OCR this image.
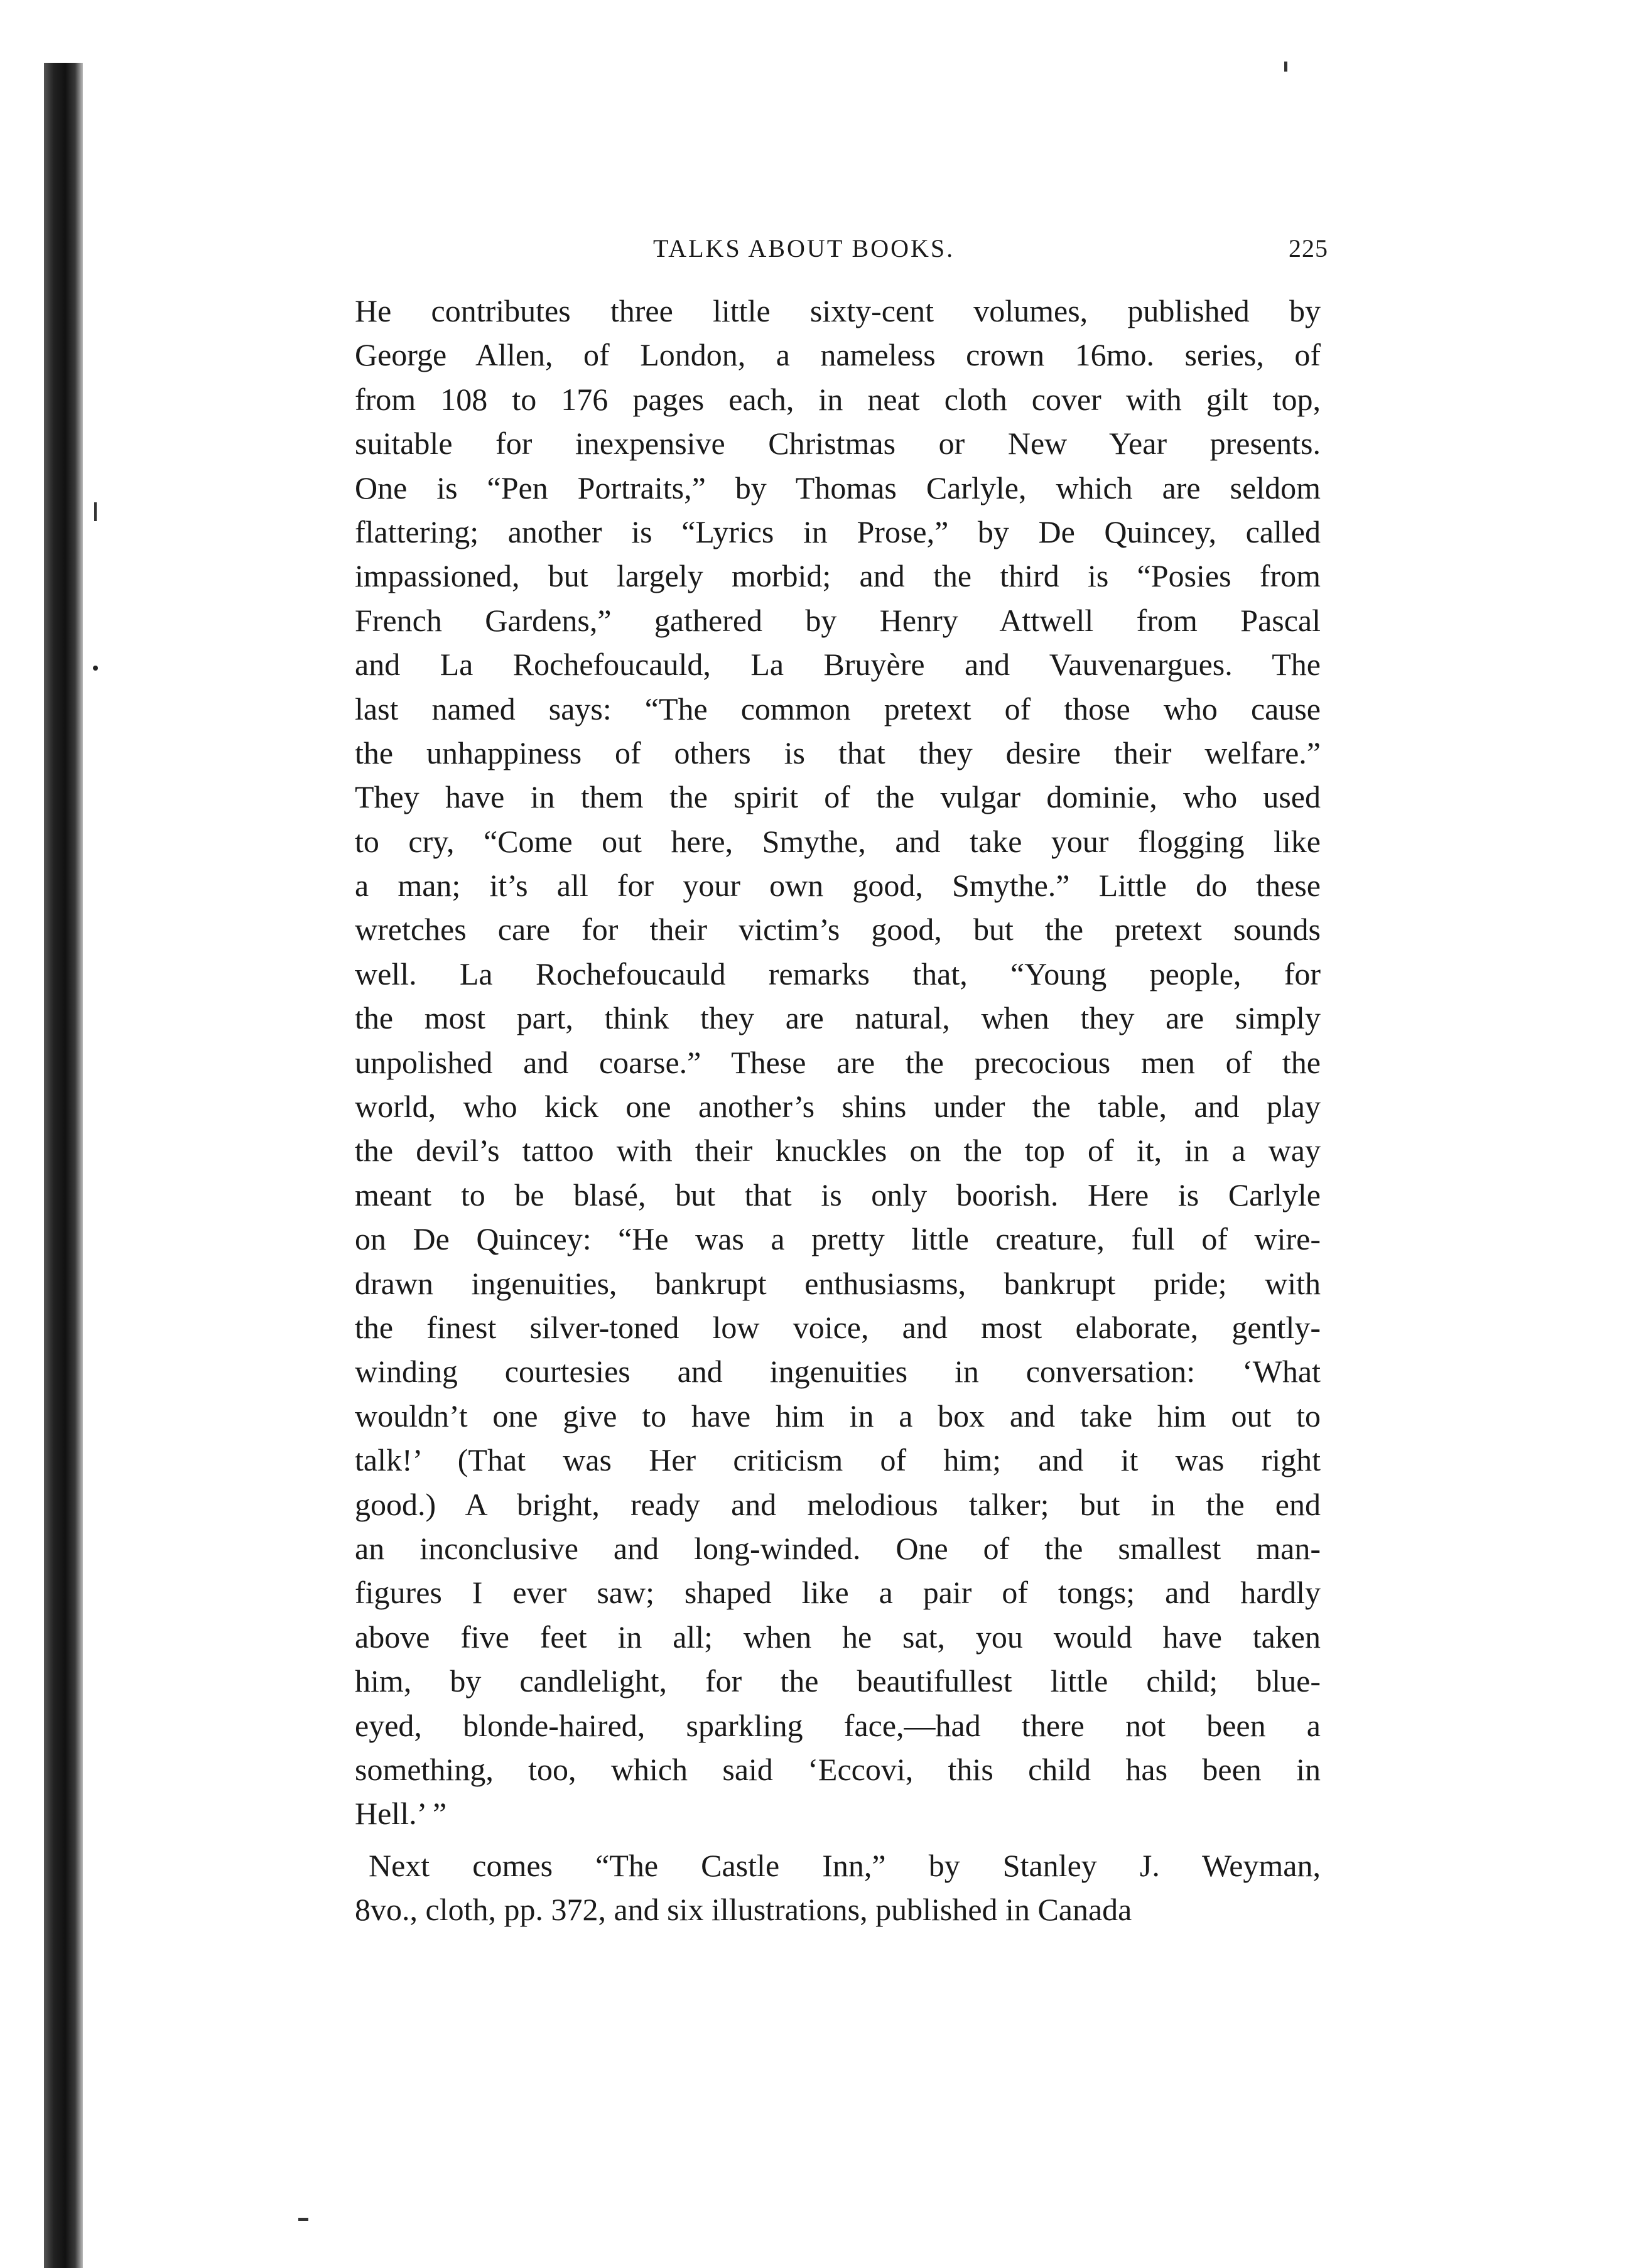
TALKS ABOUT BOOKS.	225
He contributes three little sixty-cent volumes, published by
George Allen, of London, a nameless crown 16mo. series, of
from 108 to 176 pages each, in neat cloth cover with gilt top,
suitable for inexpensive Christmas or New Year presents.
One is “Pen Portraits,” by Thomas Carlyle, which are seldom
flattering; another is “Lyrics in Prose,” by De Quincey, called
impassioned, but largely morbid; and the third is “Posies from
French Gardens,” gathered by Henry Attwell from Pascal
and La Rochefoucauld, La Bruyère and Vauvenargues. The
last named says: “The common pretext of those who cause
the unhappiness of others is that they desire their welfare.”
They have in them the spirit of the vulgar dominie, who used
to cry, “Come out here, Smythe, and take your flogging like
a man; it’s all for your own good, Smythe.” Little do these
wretches care for their victim’s good, but the pretext sounds
well. La Rochefoucauld remarks that, “Young people, for
the most part, think they are natural, when they are simply
unpolished and coarse.” These are the precocious men of the
world, who kick one another’s shins under the table, and play
the devil’s tattoo with their knuckles on the top of it, in a way
meant to be blasé, but that is only boorish. Here is Carlyle
on De Quincey: “He was a pretty little creature, full of wire-
drawn ingenuities, bankrupt enthusiasms, bankrupt pride; with
the finest silver-toned low voice, and most elaborate, gently-
winding courtesies and ingenuities in conversation: ‘What
wouldn’t one give to have him in a box and take him out to
talk!’ (That was Her criticism of him; and it was right
good.) A bright, ready and melodious talker; but in the end
an inconclusive and long-winded. One of the smallest man-
figures I ever saw; shaped like a pair of tongs; and hardly
above five feet in all; when he sat, you would have taken
him, by candlelight, for the beautifullest little child; blue-
eyed, blonde-haired, sparkling face,—had there not been a
something, too, which said ‘Eccovi, this child has been in
Hell.’ ”
Next comes “The Castle Inn,” by Stanley J. Weyman,
8vo., cloth, pp. 372, and six illustrations, published in Canada
